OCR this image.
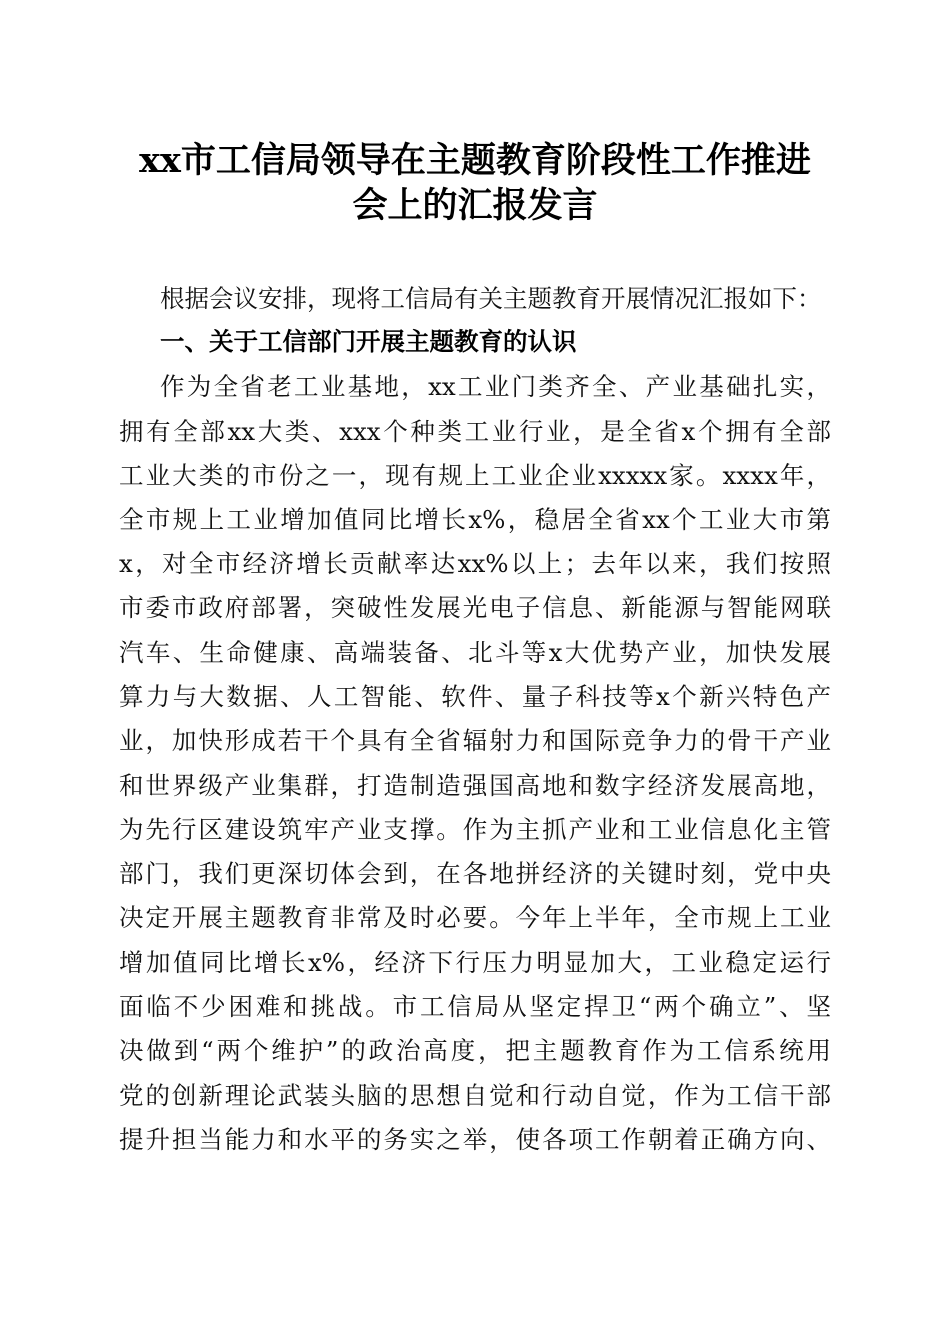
xx市工信局领导在主题教育阶段性工作推进
会上的汇报发言
根据会议安排，现将工信局有关主题教育开展情况汇报如下：
一、关于工信部门开展主题教育的认识
作为全省老工业基地，xx工业门类齐全、产业基础扎实，
拥有全部xx大类、xxx个种类工业行业，是全省x个拥有全部
工业大类的市份之一，现有规上工业企业xxxxx家。xxxx年，
全市规上工业增加值同比增长x%，稳居全省xx个工业大市第
x，对全市经济增长贡献率达xx%以上；去年以来，我们按照
市委市政府部署，突破性发展光电子信息、新能源与智能网联
汽车、生命健康、高端装备、北斗等x大优势产业，加快发展
算力与大数据、人工智能、软件、量子科技等x个新兴特色产
业，加快形成若干个具有全省辐射力和国际竞争力的骨干产业
和世界级产业集群，打造制造强国高地和数字经济发展高地，
为先行区建设筑牢产业支撑。作为主抓产业和工业信息化主管
部门，我们更深切体会到，在各地拼经济的关键时刻，党中央
决定开展主题教育非常及时必要。今年上半年，全市规上工业
增加值同比增长x%，经济下行压力明显加大，工业稳定运行
面临不少困难和挑战。市工信局从坚定捍卫“两个确立”、坚
决做到“两个维护”的政治高度，把主题教育作为工信系统用
党的创新理论武装头脑的思想自觉和行动自觉，作为工信干部
提升担当能力和水平的务实之举，使各项工作朝着正确方向、
